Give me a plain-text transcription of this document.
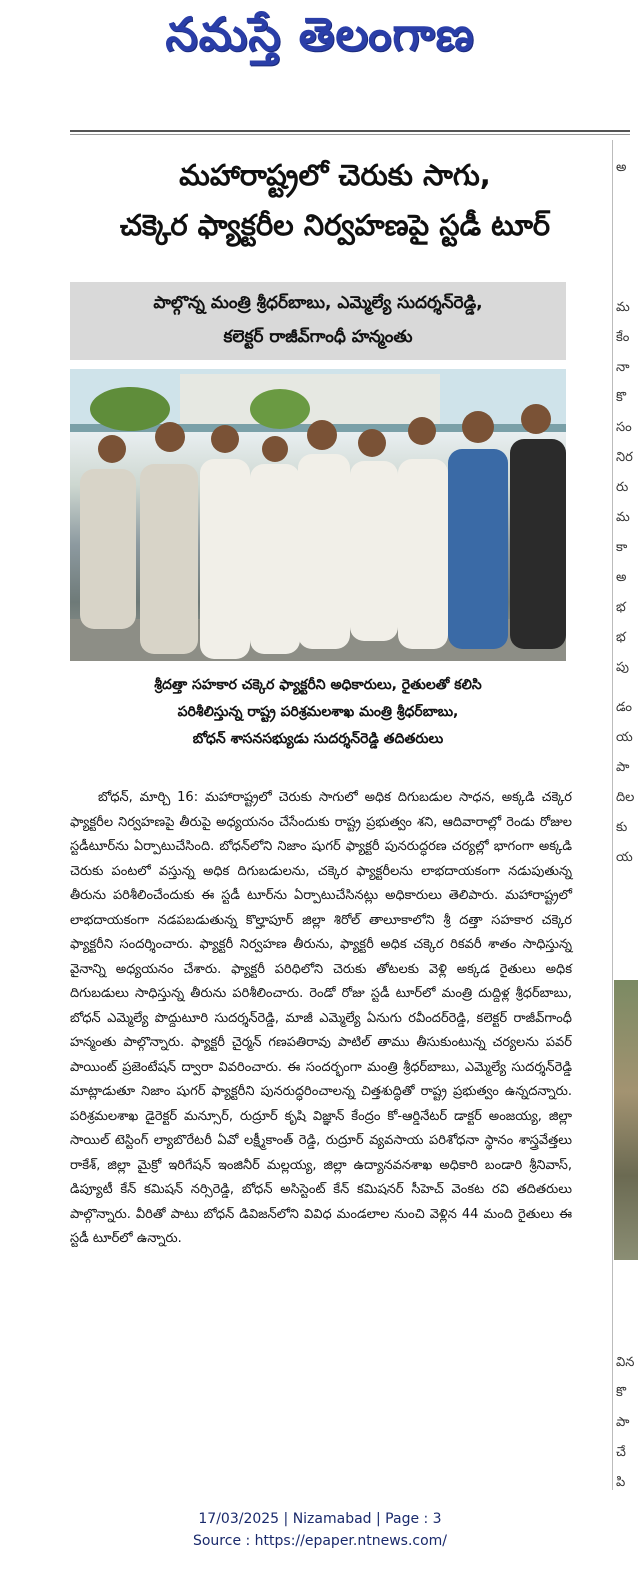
నమస్తే తెలంగాణ
అ
మ
కేం
నా
కొ
సం
నిర
రు
మ
కా
అ
భ
భ
పు
డం
య
పా
దిల
కు
య
విన
కొ
పా
చే
పి
మహారాష్ట్రలో చెరుకు సాగు,
చక్కెర ఫ్యాక్టరీల నిర్వహణపై స్టడీ టూర్
పాల్గొన్న మంత్రి శ్రీధర్‌బాబు, ఎమ్మెల్యే సుదర్శన్‌రెడ్డి,
కలెక్టర్ రాజీవ్‌గాంధీ హన్మంతు
శ్రీదత్తా సహకార చక్కెర ఫ్యాక్టరీని అధికారులు, రైతులతో కలిసి
పరిశీలిస్తున్న రాష్ట్ర పరిశ్రమలశాఖ మంత్రి శ్రీధర్‌బాబు,
బోధన్ శాసనసభ్యుడు సుదర్శన్‌రెడ్డి తదితరులు
బోధన్, మార్చి 16: మహారాష్ట్రలో చెరుకు సాగులో అధిక దిగుబడుల సాధన, అక్కడి చక్కెర ఫ్యాక్టరీల నిర్వహణపై తీరుపై అధ్యయనం చేసేందుకు రాష్ట్ర ప్రభుత్వం శని, ఆదివారాల్లో రెండు రోజుల స్టడీటూర్‌ను ఏర్పాటుచేసింది. బోధన్‌లోని నిజాం షుగర్ ఫ్యాక్టరీ పునరుద్ధరణ చర్యల్లో భాగంగా అక్కడి చెరుకు పంటలో వస్తున్న అధిక దిగుబడులను, చక్కెర ఫ్యాక్టరీలను లాభదాయకంగా నడుపుతున్న తీరును పరిశీలించేందుకు ఈ స్టడీ టూర్‌ను ఏర్పాటుచేసినట్లు అధికారులు తెలిపారు. మహారాష్ట్రలో లాభదాయకంగా నడపబడుతున్న కొల్హాపూర్ జిల్లా శిరోల్ తాలూకాలోని శ్రీ దత్తా సహకార చక్కెర ఫ్యాక్టరీని సందర్శించారు. ఫ్యాక్టరీ నిర్వహణ తీరును, ఫ్యాక్టరీ అధిక చక్కెర రికవరీ శాతం సాధిస్తున్న వైనాన్ని అధ్యయనం చేశారు. ఫ్యాక్టరీ పరిధిలోని చెరుకు తోటలకు వెళ్లి అక్కడ రైతులు అధిక దిగుబడులు సాధిస్తున్న తీరును పరిశీలించారు. రెండో రోజు స్టడీ టూర్‌లో మంత్రి దుద్దిళ్ల శ్రీధర్‌బాబు, బోధన్ ఎమ్మెల్యే పొద్దుటూరి సుదర్శన్‌రెడ్డి, మాజీ ఎమ్మెల్యే ఏనుగు రవీందర్‌రెడ్డి, కలెక్టర్ రాజీవ్‌గాంధీ హన్మంతు పాల్గొన్నారు. ఫ్యాక్టరీ చైర్మన్ గణపతిరావు పాటిల్ తాము తీసుకుంటున్న చర్యలను పవర్ పాయింట్ ప్రజెంటేషన్ ద్వారా వివరించారు. ఈ సందర్భంగా మంత్రి శ్రీధర్‌బాబు, ఎమ్మెల్యే సుదర్శన్‌రెడ్డి మాట్లాడుతూ నిజాం షుగర్ ఫ్యాక్టరీని పునరుద్ధరించాలన్న చిత్తశుద్ధితో రాష్ట్ర ప్రభుత్వం ఉన్నదన్నారు. పరిశ్రమలశాఖ డైరెక్టర్ మన్సూర్, రుద్రూర్ కృషి విజ్ఞాన్ కేంద్రం కో-ఆర్డినేటర్ డాక్టర్ అంజయ్య, జిల్లా సాయిల్ టెస్టింగ్ ల్యాబొరేటరీ ఏవో లక్ష్మీకాంత్ రెడ్డి, రుద్రూర్ వ్యవసాయ పరిశోధనా స్థానం శాస్త్రవేత్తలు రాకేశ్, జిల్లా మైక్రో ఇరిగేషన్ ఇంజినీర్ మల్లయ్య, జిల్లా ఉద్యానవనశాఖ అధికారి బండారి శ్రీనివాస్, డిప్యూటీ కేన్ కమిషన్ నర్సిరెడ్డి, బోధన్ అసిస్టెంట్ కేన్ కమిషనర్ సీహెచ్ వెంకట రవి తదితరులు పాల్గొన్నారు. వీరితో పాటు బోధన్ డివిజన్‌లోని వివిధ మండలాల నుంచి వెళ్లిన 44 మంది రైతులు ఈ స్టడీ టూర్‌లో ఉన్నారు.
17/03/2025 | Nizamabad | Page : 3
Source : https://epaper.ntnews.com/
